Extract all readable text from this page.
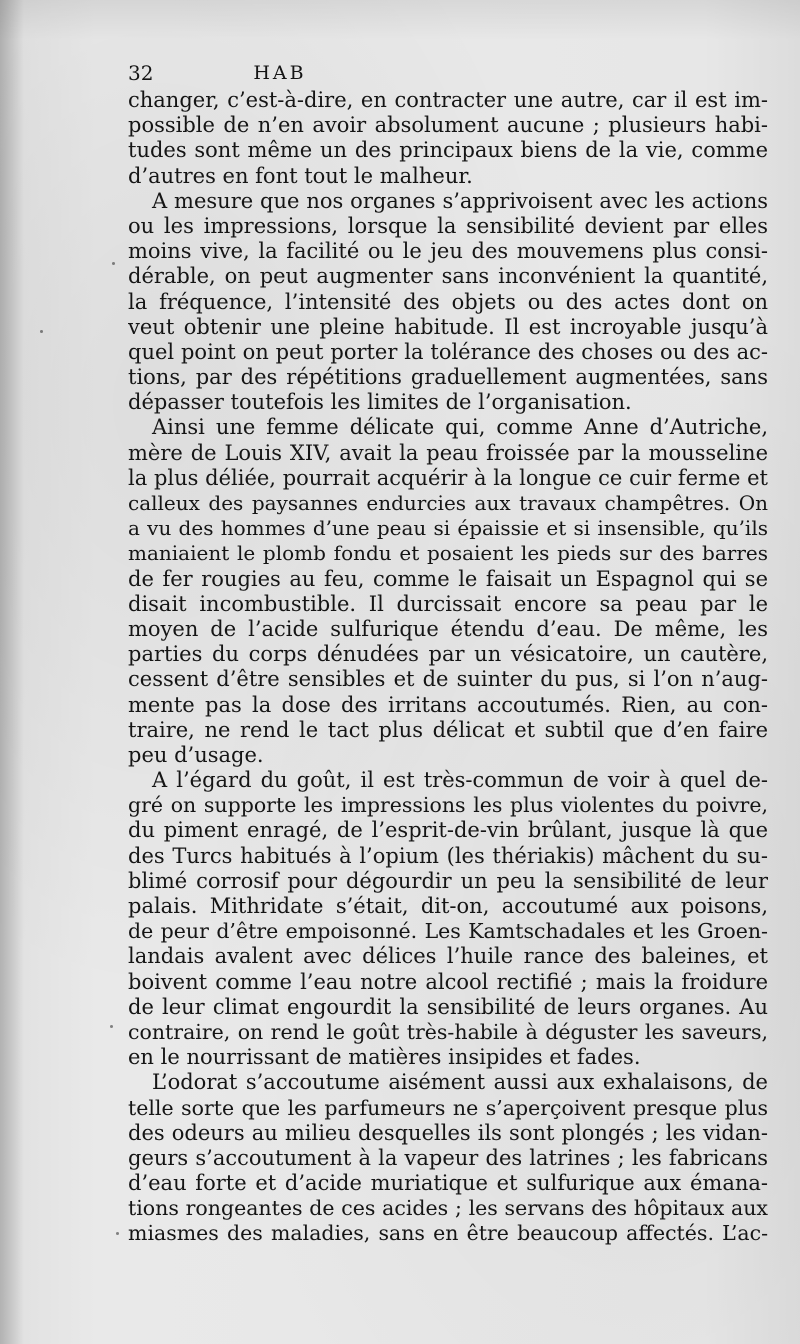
32	HAB
changer, c’est-à-dire, en contracter une autre, car il est im-
possible de n’en avoir absolument aucune ; plusieurs habi-
tudes sont même un des principaux biens de la vie, comme
d’autres en font tout le malheur.
A mesure que nos organes s’apprivoisent avec les actions
ou les impressions, lorsque la sensibilité devient par elles
moins vive, la facilité ou le jeu des mouvemens plus consi-
dérable, on peut augmenter sans inconvénient la quantité,
la fréquence, l’intensité des objets ou des actes dont on
veut obtenir une pleine habitude. Il est incroyable jusqu’à
quel point on peut porter la tolérance des choses ou des ac-
tions, par des répétitions graduellement augmentées, sans
dépasser toutefois les limites de l’organisation.
Ainsi une femme délicate qui, comme Anne d’Autriche,
mère de Louis XIV, avait la peau froissée par la mousseline
la plus déliée, pourrait acquérir à la longue ce cuir ferme et
calleux des paysannes endurcies aux travaux champêtres. On
a vu des hommes d’une peau si épaissie et si insensible, qu’ils
maniaient le plomb fondu et posaient les pieds sur des barres
de fer rougies au feu, comme le faisait un Espagnol qui se
disait incombustible. Il durcissait encore sa peau par le
moyen de l’acide sulfurique étendu d’eau. De même, les
parties du corps dénudées par un vésicatoire, un cautère,
cessent d’être sensibles et de suinter du pus, si l’on n’aug-
mente pas la dose des irritans accoutumés. Rien, au con-
traire, ne rend le tact plus délicat et subtil que d’en faire
peu d’usage.
A l’égard du goût, il est très-commun de voir à quel de-
gré on supporte les impressions les plus violentes du poivre,
du piment enragé, de l’esprit-de-vin brûlant, jusque là que
des Turcs habitués à l’opium (les thériakis) mâchent du su-
blimé corrosif pour dégourdir un peu la sensibilité de leur
palais. Mithridate s’était, dit-on, accoutumé aux poisons,
de peur d’être empoisonné. Les Kamtschadales et les Groen-
landais avalent avec délices l’huile rance des baleines, et
boivent comme l’eau notre alcool rectifié ; mais la froidure
de leur climat engourdit la sensibilité de leurs organes. Au
contraire, on rend le goût très-habile à déguster les saveurs,
en le nourrissant de matières insipides et fades.
L’odorat s’accoutume aisément aussi aux exhalaisons, de
telle sorte que les parfumeurs ne s’aperçoivent presque plus
des odeurs au milieu desquelles ils sont plongés ; les vidan-
geurs s’accoutument à la vapeur des latrines ; les fabricans
d’eau forte et d’acide muriatique et sulfurique aux émana-
tions rongeantes de ces acides ; les servans des hôpitaux aux
miasmes des maladies, sans en être beaucoup affectés. L’ac-
